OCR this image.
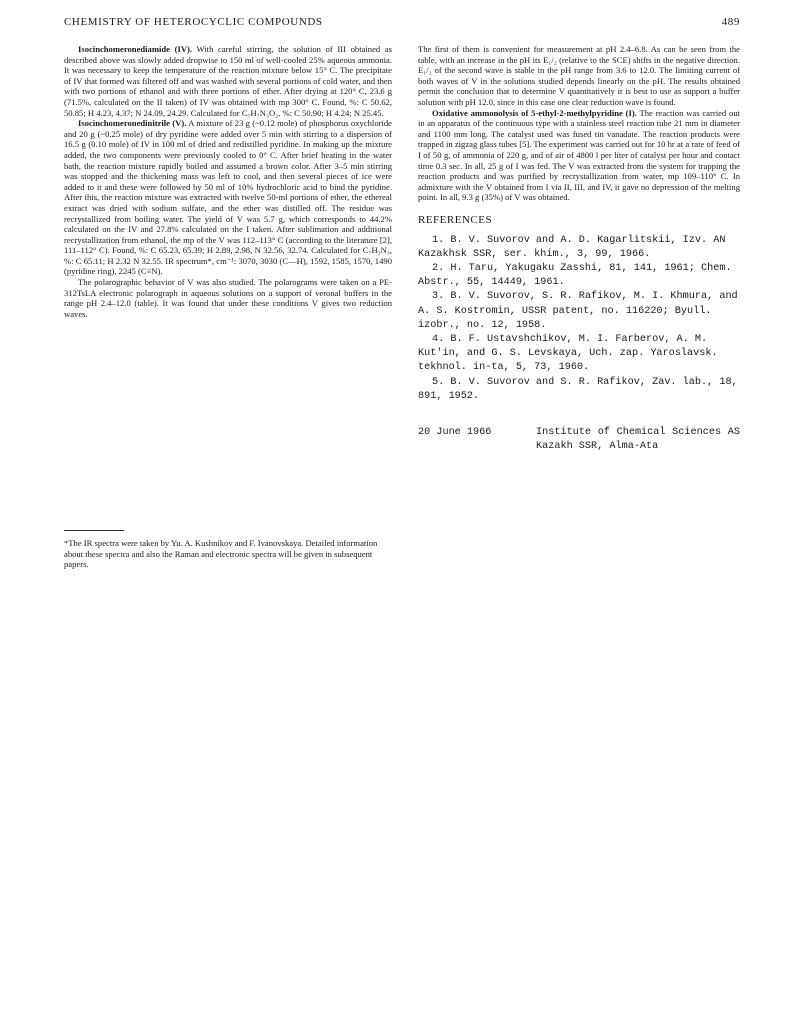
CHEMISTRY OF HETEROCYCLIC COMPOUNDS	489

Isocinchomeronediamide (IV). With careful stirring, the solution of III obtained as described above was slowly added dropwise to 150 ml of well-cooled 25% aqueous ammonia. It was necessary to keep the temperature of the reaction mixture below 15° C. The precipitate of IV that formed was filtered off and was washed with several portions of cold water, and then with two portions of ethanol and with three portions of ether. After drying at 120° C, 23.6 g (71.5%, calculated on the II taken) of IV was obtained with mp 300° C. Found, %: C 50.62, 50.85; H 4.23, 4.37; N 24.09, 24.29. Calculated for C₇H₇N₃O₂, %: C 50.90; H 4.24; N 25.45.

Isocinchomeronedinitrile (V). A mixture of 23 g (~0.12 mole) of phosphorus oxychloride and 20 g (~0.25 mole) of dry pyridine were added over 5 min with stirring to a dispersion of 16.5 g (0.10 mole) of IV in 100 ml of dried and redistilled pyridine. In making up the mixture added, the two components were previously cooled to 0° C. After brief heating in the water bath, the reaction mixture rapidly boiled and assumed a brown color. After 3–5 min stirring was stopped and the thickening mass was left to cool, and then several pieces of ice were added to it and these were followed by 50 ml of 10% hydrochloric acid to bind the pyridine. After this, the reaction mixture was extracted with twelve 50-ml portions of ether, the ethereal extract was dried with sodium sulfate, and the ether was distilled off. The residue was recrystallized from boiling water. The yield of V was 5.7 g, which corresponds to 44.2% calculated on the IV and 27.8% calculated on the I taken. After sublimation and additional recrystallization from ethanol, the mp of the V was 112–113° C (according to the literature [2], 111–112° C). Found, %: C 65.23, 65.39; H 2.89, 2.98, N 32.56, 32.74. Calculated for C₇H₃N₃, %: C 65.11; H 2.32 N 32.55. IR spectrum*, cm⁻¹: 3070, 3030 (C—H), 1592, 1585, 1570, 1490 (pyridine ring), 2245 (C≡N).

The polarographic behavior of V was also studied. The polarograms were taken on a PE-312TsLA electronic polarograph in aqueous solutions on a support of veronal buffers in the range pH 2.4–12.0 (table). It was found that under these conditions V gives two reduction waves.

*The IR spectra were taken by Yu. A. Kushnikov and F. Ivanovskaya. Detailed information about these spectra and also the Raman and electronic spectra will be given in subsequent papers.

The first of them is convenient for measurement at pH 2.4–6.8. As can be seen from the table, with an increase in the pH its E₁/₂ (relative to the SCE) shifts in the negative direction. E₁/₂ of the second wave is stable in the pH range from 3.6 to 12.0. The limiting current of both waves of V in the solutions studied depends linearly on the pH. The results obtained permit the conclusion that to determine V quantitatively it is best to use as support a buffer solution with pH 12.0, since in this case one clear reduction wave is found.

Oxidative ammonolysis of 5-ethyl-2-methylpyridine (I). The reaction was carried out in an apparatus of the continuous type with a stainless steel reaction tube 21 mm in diameter and 1100 mm long. The catalyst used was fused tin vanadate. The reaction products were trapped in zigzag glass tubes [5]. The experiment was carried out for 10 hr at a rate of feed of I of 50 g, of ammonia of 220 g, and of air of 4800 l per liter of catalyst per hour and contact time 0.3 sec. In all, 25 g of I was fed. The V was extracted from the system for trapping the reaction products and was purified by recrystallization from water, mp 109–110° C. In admixture with the V obtained from I via II, III, and IV, it gave no depression of the melting point. In all, 9.3 g (35%) of V was obtained.

REFERENCES

1. B. V. Suvorov and A. D. Kagarlitskii, Izv. AN Kazakhsk SSR, ser. khim., 3, 99, 1966.

2. H. Taru, Yakugaku Zasshi, 81, 141, 1961; Chem. Abstr., 55, 14449, 1961.

3. B. V. Suvorov, S. R. Rafikov, M. I. Khmura, and A. S. Kostromin, USSR patent, no. 116220; Byull. izobr., no. 12, 1958.

4. B. F. Ustavshchikov, M. I. Farberov, A. M. Kut'in, and G. S. Levskaya, Uch. zap. Yaroslavsk. tekhnol. in-ta, 5, 73, 1960.

5. B. V. Suvorov and S. R. Rafikov, Zav. lab., 18, 891, 1952.

20 June 1966	Institute of Chemical Sciences AS Kazakh SSR, Alma-Ata
